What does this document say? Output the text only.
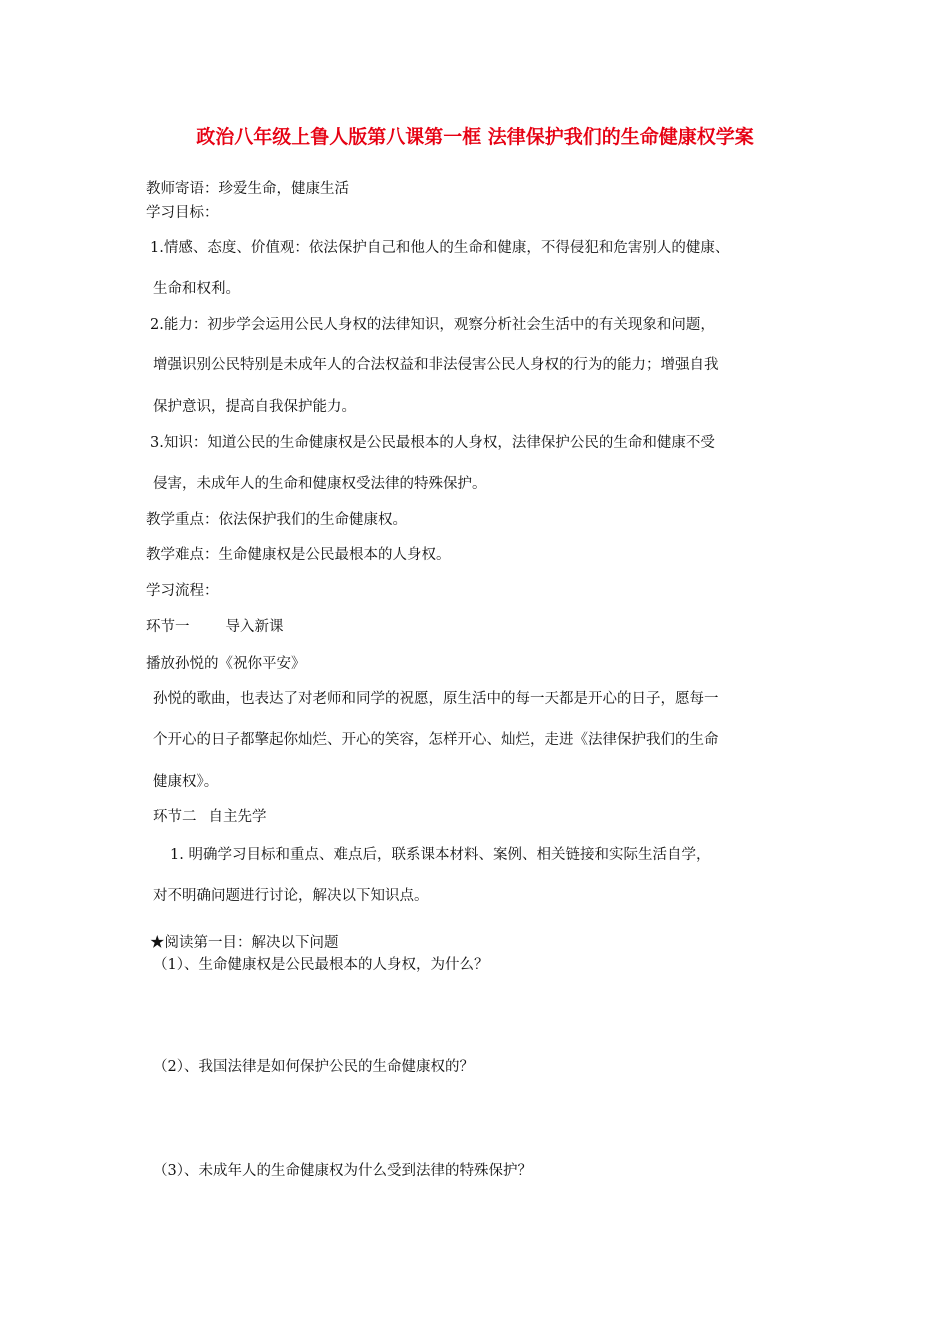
政治八年级上鲁人版第八课第一框 法律保护我们的生命健康权学案
教师寄语：珍爱生命，健康生活
学习目标：
1.情感、态度、价值观：依法保护自己和他人的生命和健康，不得侵犯和危害别人的健康、
生命和权利。
2.能力：初步学会运用公民人身权的法律知识，观察分析社会生活中的有关现象和问题，
增强识别公民特别是未成年人的合法权益和非法侵害公民人身权的行为的能力；增强自我
保护意识，提高自我保护能力。
3.知识：知道公民的生命健康权是公民最根本的人身权，法律保护公民的生命和健康不受
侵害，未成年人的生命和健康权受法律的特殊保护。
教学重点：依法保护我们的生命健康权。
教学难点：生命健康权是公民最根本的人身权。
学习流程：
环节一 导入新课
播放孙悦的《祝你平安》
孙悦的歌曲，也表达了对老师和同学的祝愿，原生活中的每一天都是开心的日子，愿每一
个开心的日子都擎起你灿烂、开心的笑容，怎样开心、灿烂，走进《法律保护我们的生命
健康权》。
环节二 自主先学
1. 明确学习目标和重点、难点后，联系课本材料、案例、相关链接和实际生活自学，
对不明确问题进行讨论，解决以下知识点。
★阅读第一目：解决以下问题
（1）、生命健康权是公民最根本的人身权，为什么？
（2）、我国法律是如何保护公民的生命健康权的？
（3）、未成年人的生命健康权为什么受到法律的特殊保护？
